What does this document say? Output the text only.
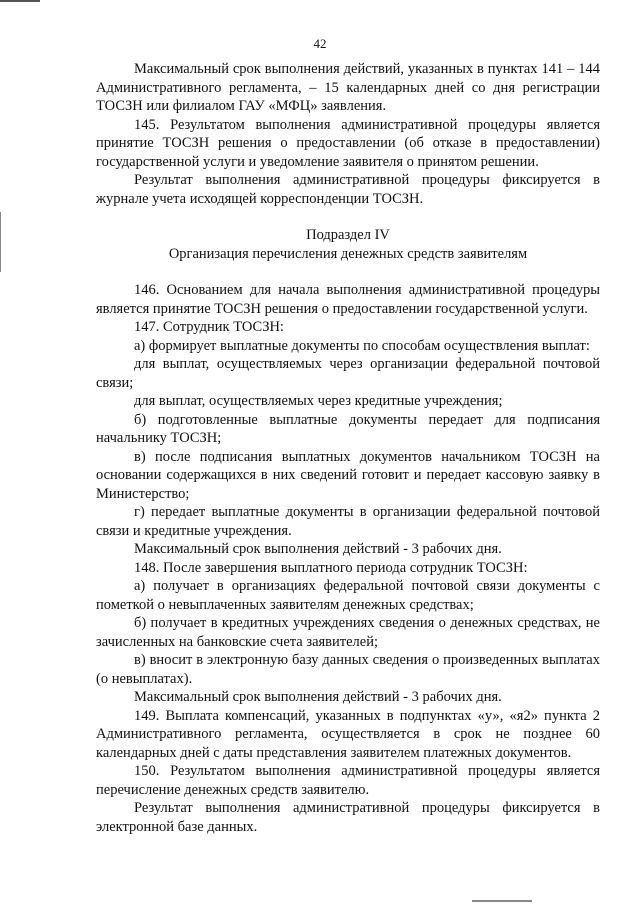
42

Максимальный срок выполнения действий, указанных в пунктах 141 – 144 Административного регламента, – 15 календарных дней со дня регистрации ТОСЗН или филиалом ГАУ «МФЦ» заявления.

145. Результатом выполнения административной процедуры является принятие ТОСЗН решения о предоставлении (об отказе в предоставлении) государственной услуги и уведомление заявителя о принятом решении.

Результат выполнения административной процедуры фиксируется в журнале учета исходящей корреспонденции ТОСЗН.

Подраздел IV

Организация перечисления денежных средств заявителям

146. Основанием для начала выполнения административной процедуры является принятие ТОСЗН решения о предоставлении государственной услуги.

147. Сотрудник ТОСЗН:

а) формирует выплатные документы по способам осуществления выплат:

для выплат, осуществляемых через организации федеральной почтовой связи;

для выплат, осуществляемых через кредитные учреждения;

б) подготовленные выплатные документы передает для подписания начальнику ТОСЗН;

в) после подписания выплатных документов начальником ТОСЗН на основании содержащихся в них сведений готовит и передает кассовую заявку в Министерство;

г) передает выплатные документы в организации федеральной почтовой связи и кредитные учреждения.

Максимальный срок выполнения действий - 3 рабочих дня.

148. После завершения выплатного периода сотрудник ТОСЗН:

а) получает в организациях федеральной почтовой связи документы с пометкой о невыплаченных заявителям денежных средствах;

б) получает в кредитных учреждениях сведения о денежных средствах, не зачисленных на банковские счета заявителей;

в) вносит в электронную базу данных сведения о произведенных выплатах (о невыплатах).

Максимальный срок выполнения действий - 3 рабочих дня.

149. Выплата компенсаций, указанных в подпунктах «у», «я2» пункта 2 Административного регламента, осуществляется в срок не позднее 60 календарных дней с даты представления заявителем платежных документов.

150. Результатом выполнения административной процедуры является перечисление денежных средств заявителю.

Результат выполнения административной процедуры фиксируется в электронной базе данных.
